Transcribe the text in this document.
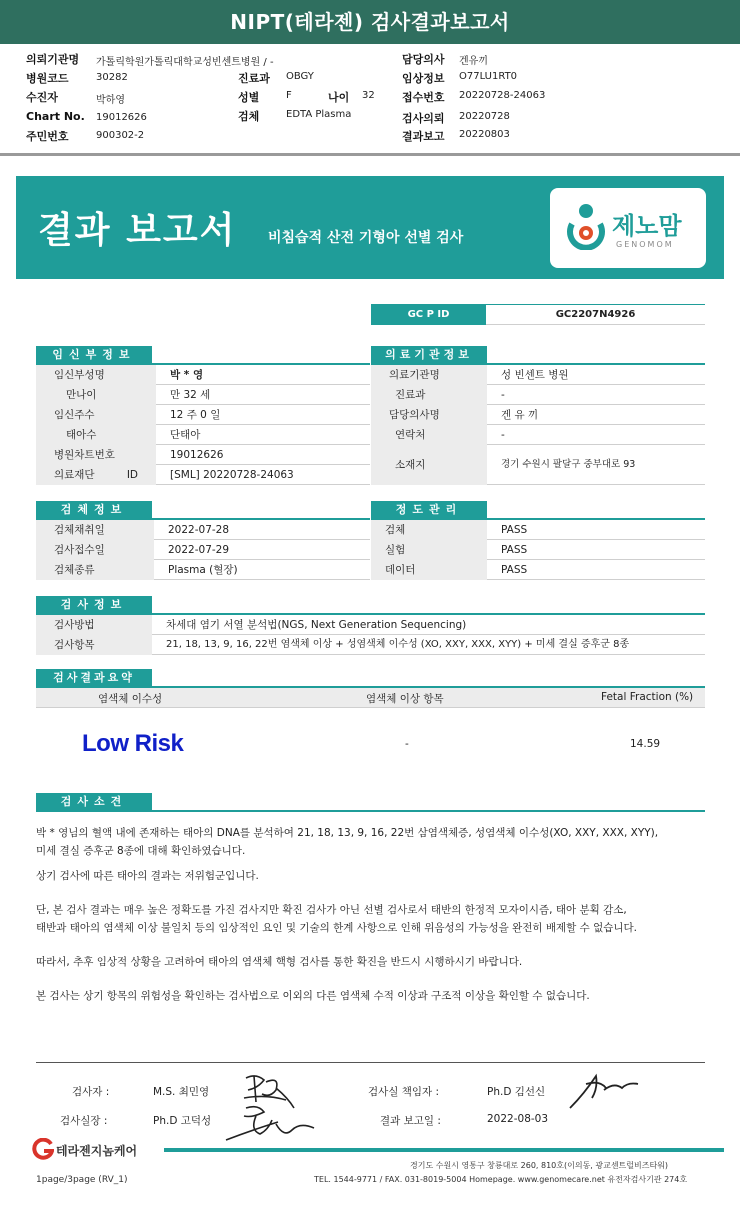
NIPT(테라젠) 검사결과보고서
의뢰기관명 가톨릭학원가톨릭대학교성빈센트병원 / -
병원코드	30282
수진자	박하영
Chart No. 19012626
주민번호	900302-2
진료과 OBGY
성별	F	나이 32
검체	EDTA Plasma
담당의사 겐유끼
임상정보 O77LU1RT0
접수번호 20220728-24063
검사의뢰 20220728
결과보고 20220803
결과 보고서 비침습적 산전 기형아 선별 검사	제노맘
GENOMOM
GC P ID	GC2207N4926
임신부정보
임신부성명	박 * 영
만나이	만 32 세
임신주수	12 주 0 일
태아수	단태아
병원차트번호	19012626
의료재단 ID	[SML] 20220728-24063
의료기관정보
의료기관명	성 빈센트 병원
진료과	-
담당의사명	겐 유 끼
연락처	-
소재지	경기 수원시 팔달구 중부대로 93
검체정보
검체채취일	2022-07-28
검사접수일	2022-07-29
검체종류	Plasma (혈장)
정도관리
검체	PASS
실험	PASS
데이터	PASS
검사정보
검사방법	차세대 염기 서열 분석법(NGS, Next Generation Sequencing)
검사항목	21, 18, 13, 9, 16, 22번 염색체 이상 + 성염색체 이수성 (XO, XXY, XXX, XYY) + 미세 결실 증후군 8종
검사결과요약
염색체 이수성	염색체 이상 항목	Fetal Fraction (%)
Low Risk	-	14.59
검사소견
박 * 영님의 혈액 내에 존재하는 태아의 DNA를 분석하여 21, 18, 13, 9, 16, 22번 삼염색체증, 성염색체 이수성(XO, XXY, XXX, XYY),
미세 결실 증후군 8종에 대해 확인하였습니다.
상기 검사에 따른 태아의 결과는 저위험군입니다.
단, 본 검사 결과는 매우 높은 정확도를 가진 검사지만 확진 검사가 아닌 선별 검사로서 태반의 한정적 모자이시즘, 태아 분획 감소,
태반과 태아의 염색체 이상 불일치 등의 임상적인 요인 및 기술의 한계 사항으로 인해 위음성의 가능성을 완전히 배제할 수 없습니다.
따라서, 추후 임상적 상황을 고려하여 태아의 염색체 핵형 검사를 통한 확진을 반드시 시행하시기 바랍니다.
본 검사는 상기 항목의 위험성을 확인하는 검사법으로 이외의 다른 염색체 수적 이상과 구조적 이상을 확인할 수 없습니다.
검사자 :	M.S. 최민영
검사실장 :	Ph.D 고덕성
검사실 책임자 :	Ph.D 김선신
결과 보고일 :	2022-08-03
테라젠지놈케어
경기도 수원시 영통구 창룡대로 260, 810호(이의동, 광교센트럴비즈타워)
TEL. 1544-9771 / FAX. 031-8019-5004 Homepage. www.genomecare.net 유전자검사기관 274호
1page/3page (RV_1)
